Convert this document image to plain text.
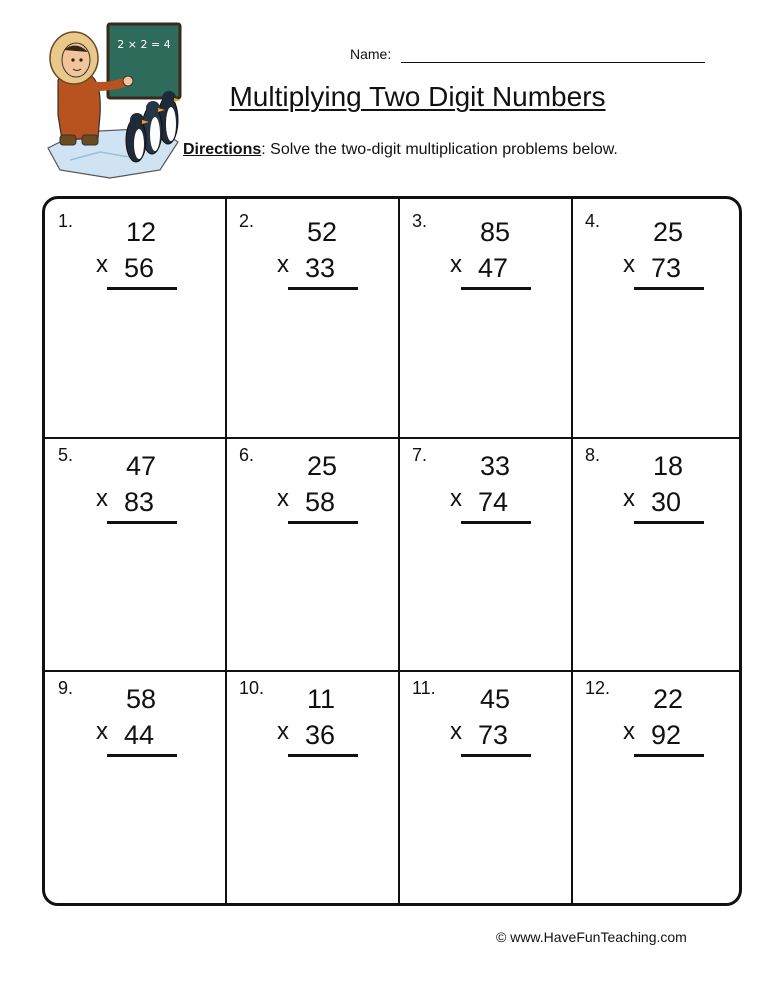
2 × 2 = 4
Name:
Multiplying Two Digit Numbers
Directions: Solve the two-digit multiplication problems below.
1. 12
x 56
2. 52
x 33
3. 85
x 47
4. 25
x 73
5. 47
x 83
6. 25
x 58
7. 33
x 74
8. 18
x 30
9. 58
x 44
10. 11
x 36
11. 45
x 73
12. 22
x 92
© www.HaveFunTeaching.com
